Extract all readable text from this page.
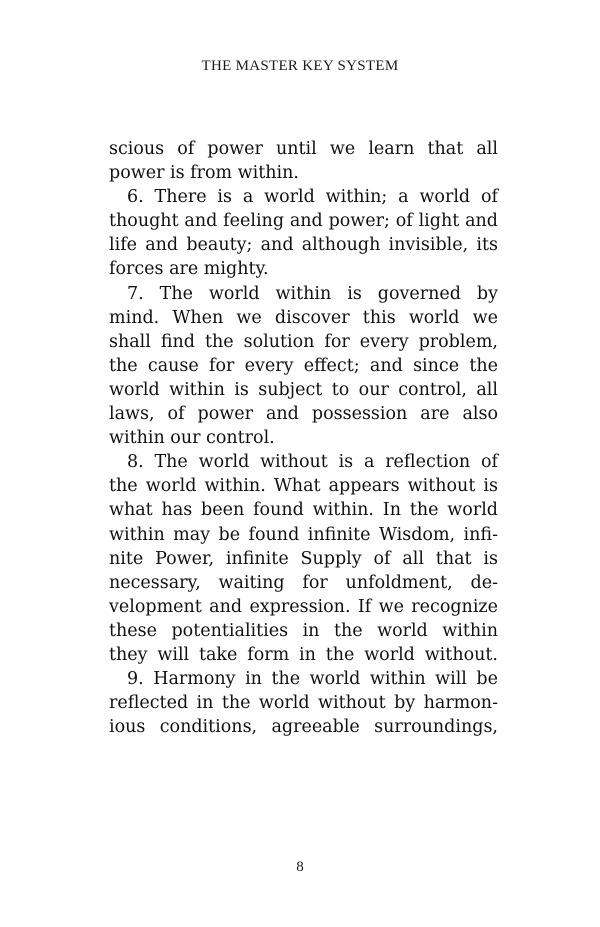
THE MASTER KEY SYSTEM
scious of power until we learn that all
power is from within.
6. There is a world within; a world of
thought and feeling and power; of light and
life and beauty; and although invisible, its
forces are mighty.
7. The world within is governed by
mind. When we discover this world we
shall find the solution for every problem,
the cause for every effect; and since the
world within is subject to our control, all
laws, of power and possession are also
within our control.
8. The world without is a reflection of
the world within. What appears without is
what has been found within. In the world
within may be found infinite Wisdom, infi-
nite Power, infinite Supply of all that is
necessary, waiting for unfoldment, de-
velopment and expression. If we recognize
these potentialities in the world within
they will take form in the world without.
9. Harmony in the world within will be
reflected in the world without by harmon-
ious conditions, agreeable surroundings,
8
